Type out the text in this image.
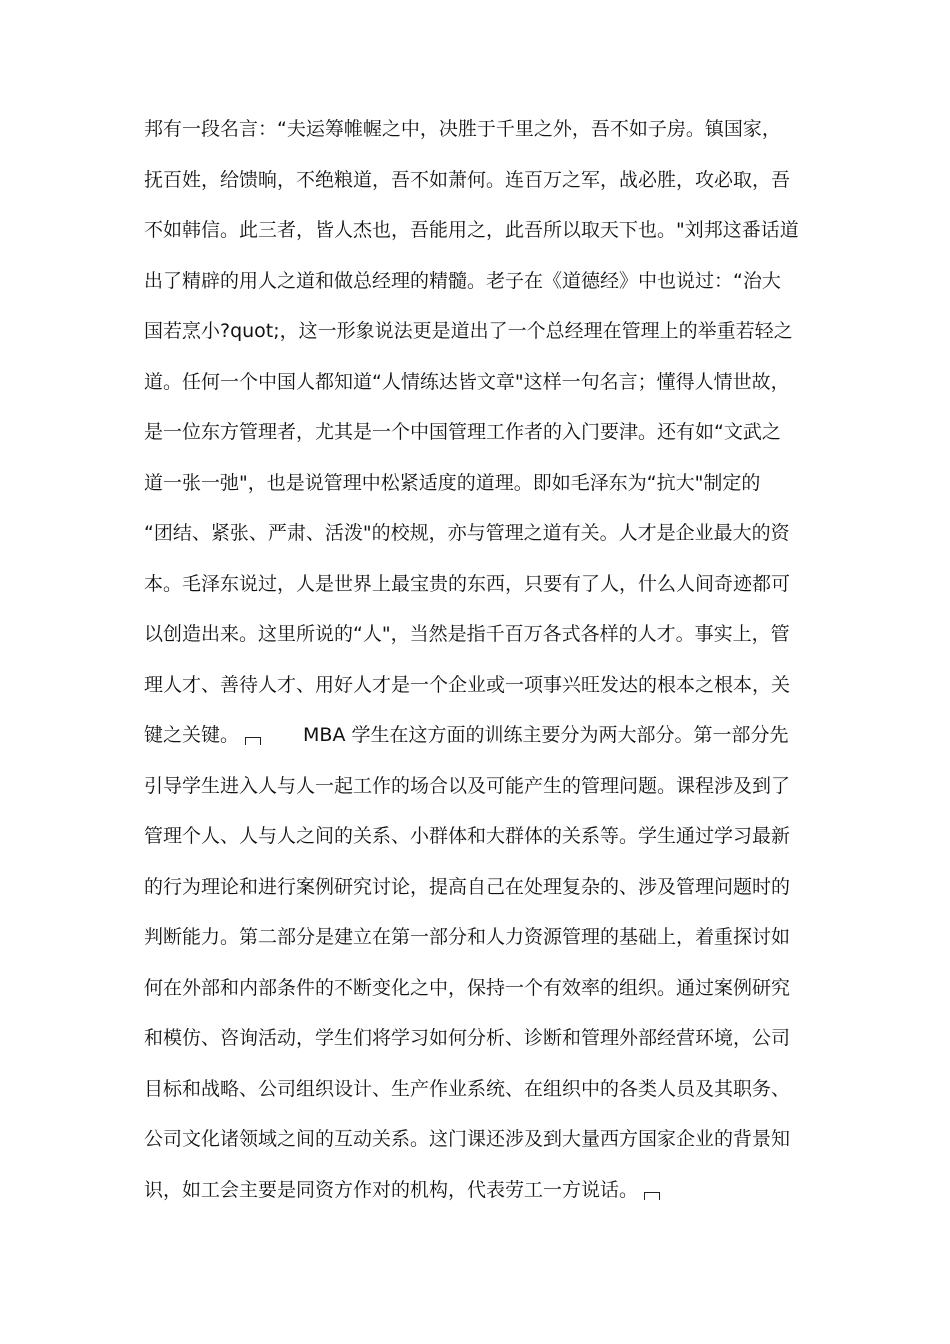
邦有一段名言：“夫运筹帷幄之中，决胜于千里之外，吾不如子房。镇国家，
抚百姓，给馈晌，不绝粮道，吾不如萧何。连百万之军，战必胜，攻必取，吾
不如韩信。此三者，皆人杰也，吾能用之，此吾所以取天下也。"刘邦这番话道
出了精辟的用人之道和做总经理的精髓。老子在《道德经》中也说过：“治大
国若烹小?quot;，这一形象说法更是道出了一个总经理在管理上的举重若轻之
道。任何一个中国人都知道“人情练达皆文章"这样一句名言；懂得人情世故，
是一位东方管理者，尤其是一个中国管理工作者的入门要津。还有如“文武之
道一张一弛"，也是说管理中松紧适度的道理。即如毛泽东为“抗大"制定的
“团结、紧张、严肃、活泼"的校规，亦与管理之道有关。人才是企业最大的资
本。毛泽东说过，人是世界上最宝贵的东西，只要有了人，什么人间奇迹都可
以创造出来。这里所说的“人"，当然是指千百万各式各样的人才。事实上，管
理人才、善待人才、用好人才是一个企业或一项事兴旺发达的根本之根本，关
键之关键。	MBA 学生在这方面的训练主要分为两大部分。第一部分先
引导学生进入人与人一起工作的场合以及可能产生的管理问题。课程涉及到了
管理个人、人与人之间的关系、小群体和大群体的关系等。学生通过学习最新
的行为理论和进行案例研究讨论，提高自己在处理复杂的、涉及管理问题时的
判断能力。第二部分是建立在第一部分和人力资源管理的基础上，着重探讨如
何在外部和内部条件的不断变化之中，保持一个有效率的组织。通过案例研究
和模仿、咨询活动，学生们将学习如何分析、诊断和管理外部经营环境，公司
目标和战略、公司组织设计、生产作业系统、在组织中的各类人员及其职务、
公司文化诸领域之间的互动关系。这门课还涉及到大量西方国家企业的背景知
识，如工会主要是同资方作对的机构，代表劳工一方说话。
